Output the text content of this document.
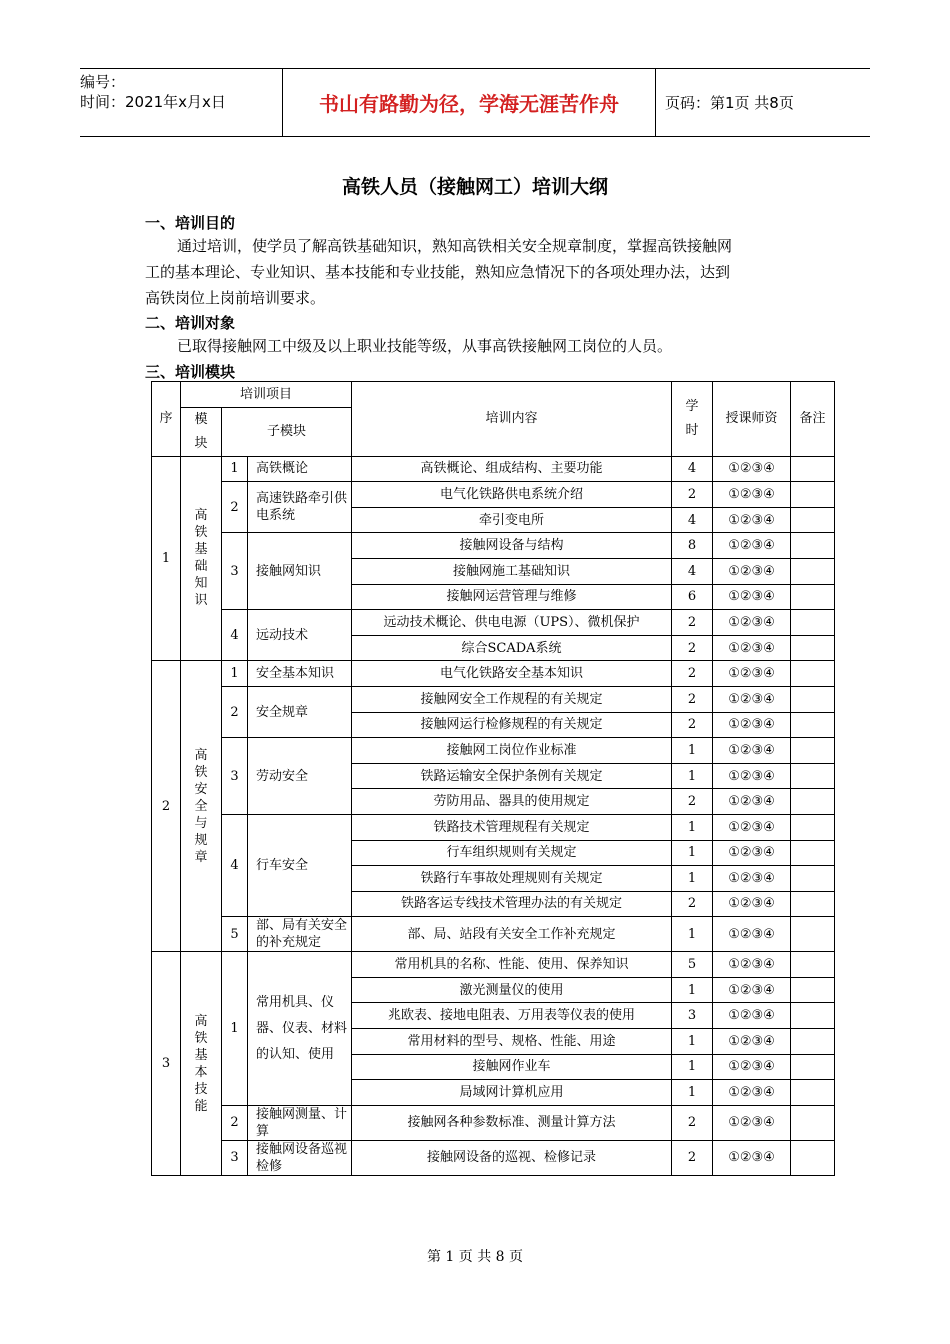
编号：
时间：2021年x月x日	书山有路勤为径，学海无涯苦作舟	页码：第1页 共8页
高铁人员（接触网工）培训大纲
一、培训目的

通过培训，使学员了解高铁基础知识，熟知高铁相关安全规章制度，掌握高铁接触网

工的基本理论、专业知识、基本技能和专业技能，熟知应急情况下的各项处理办法，达到

高铁岗位上岗前培训要求。

二、培训对象
已取得接触网工中级及以上职业技能等级，从事高铁接触网工岗位的人员。
三、培训模块
序	培训项目			培训内容	学时	授课师资	备注

	模块	子模块					

1	高铁基础知识	1	高铁概论	高铁概论、组成结构、主要功能	4	①②③④	
		2	高速铁路牵引供电系统	电气化铁路供电系统介绍	2	①②③④	
				牵引变电所	4	①②③④	
		3	接触网知识	接触网设备与结构	8	①②③④	
				接触网施工基础知识	4	①②③④	
				接触网运营管理与维修	6	①②③④	
		4	远动技术	远动技术概论、供电电源（UPS）、微机保护	2	①②③④	
				综合SCADA系统	2	①②③④	
2	高铁安全与规章	1	安全基本知识	电气化铁路安全基本知识	2	①②③④	
		2	安全规章	接触网安全工作规程的有关规定	2	①②③④	
				接触网运行检修规程的有关规定	2	①②③④	
		3	劳动安全	接触网工岗位作业标准	1	①②③④	
				铁路运输安全保护条例有关规定	1	①②③④	
				劳防用品、器具的使用规定	2	①②③④	
		4	行车安全	铁路技术管理规程有关规定	1	①②③④	
				行车组织规则有关规定	1	①②③④	
				铁路行车事故处理规则有关规定	1	①②③④	
				铁路客运专线技术管理办法的有关规定	2	①②③④	
		5	部、局有关安全的补充规定	部、局、站段有关安全工作补充规定	1	①②③④	

3	高铁基本技能	1	常用机具、仪器、仪表、材料的认知、使用	常用机具的名称、性能、使用、保养知识	5	①②③④	
				激光测量仪的使用	1	①②③④	
				兆欧表、接地电阻表、万用表等仪表的使用	3	①②③④	
				常用材料的型号、规格、性能、用途	1	①②③④	
				接触网作业车	1	①②③④	
				局域网计算机应用	1	①②③④	
		2	接触网测量、计算	接触网各种参数标准、测量计算方法	2	①②③④	

		3	接触网设备巡视检修	接触网设备的巡视、检修记录	2	①②③④	

第 1 页 共 8 页
